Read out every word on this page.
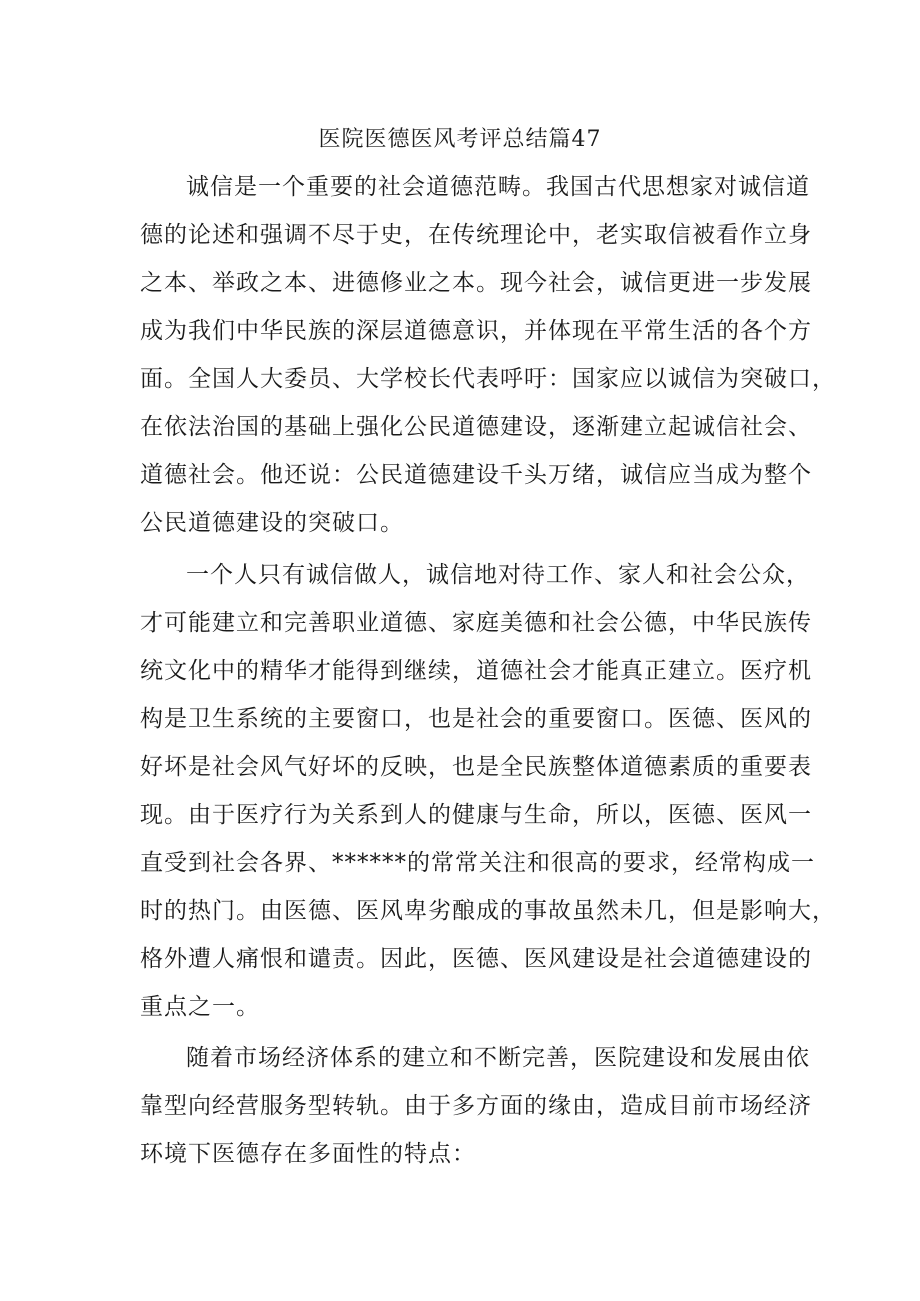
医院医德医风考评总结篇47
诚信是一个重要的社会道德范畴。我国古代思想家对诚信道
德的论述和强调不尽于史，在传统理论中，老实取信被看作立身
之本、举政之本、进德修业之本。现今社会，诚信更进一步发展
成为我们中华民族的深层道德意识，并体现在平常生活的各个方
面。全国人大委员、大学校长代表呼吁：国家应以诚信为突破口，
在依法治国的基础上强化公民道德建设，逐渐建立起诚信社会、
道德社会。他还说：公民道德建设千头万绪，诚信应当成为整个
公民道德建设的突破口。
一个人只有诚信做人，诚信地对待工作、家人和社会公众，
才可能建立和完善职业道德、家庭美德和社会公德，中华民族传
统文化中的精华才能得到继续，道德社会才能真正建立。医疗机
构是卫生系统的主要窗口，也是社会的重要窗口。医德、医风的
好坏是社会风气好坏的反映，也是全民族整体道德素质的重要表
现。由于医疗行为关系到人的健康与生命，所以，医德、医风一
直受到社会各界、******的常常关注和很高的要求，经常构成一
时的热门。由医德、医风卑劣酿成的事故虽然未几，但是影响大，
格外遭人痛恨和谴责。因此，医德、医风建设是社会道德建设的
重点之一。
随着市场经济体系的建立和不断完善，医院建设和发展由依
靠型向经营服务型转轨。由于多方面的缘由，造成目前市场经济
环境下医德存在多面性的特点：
